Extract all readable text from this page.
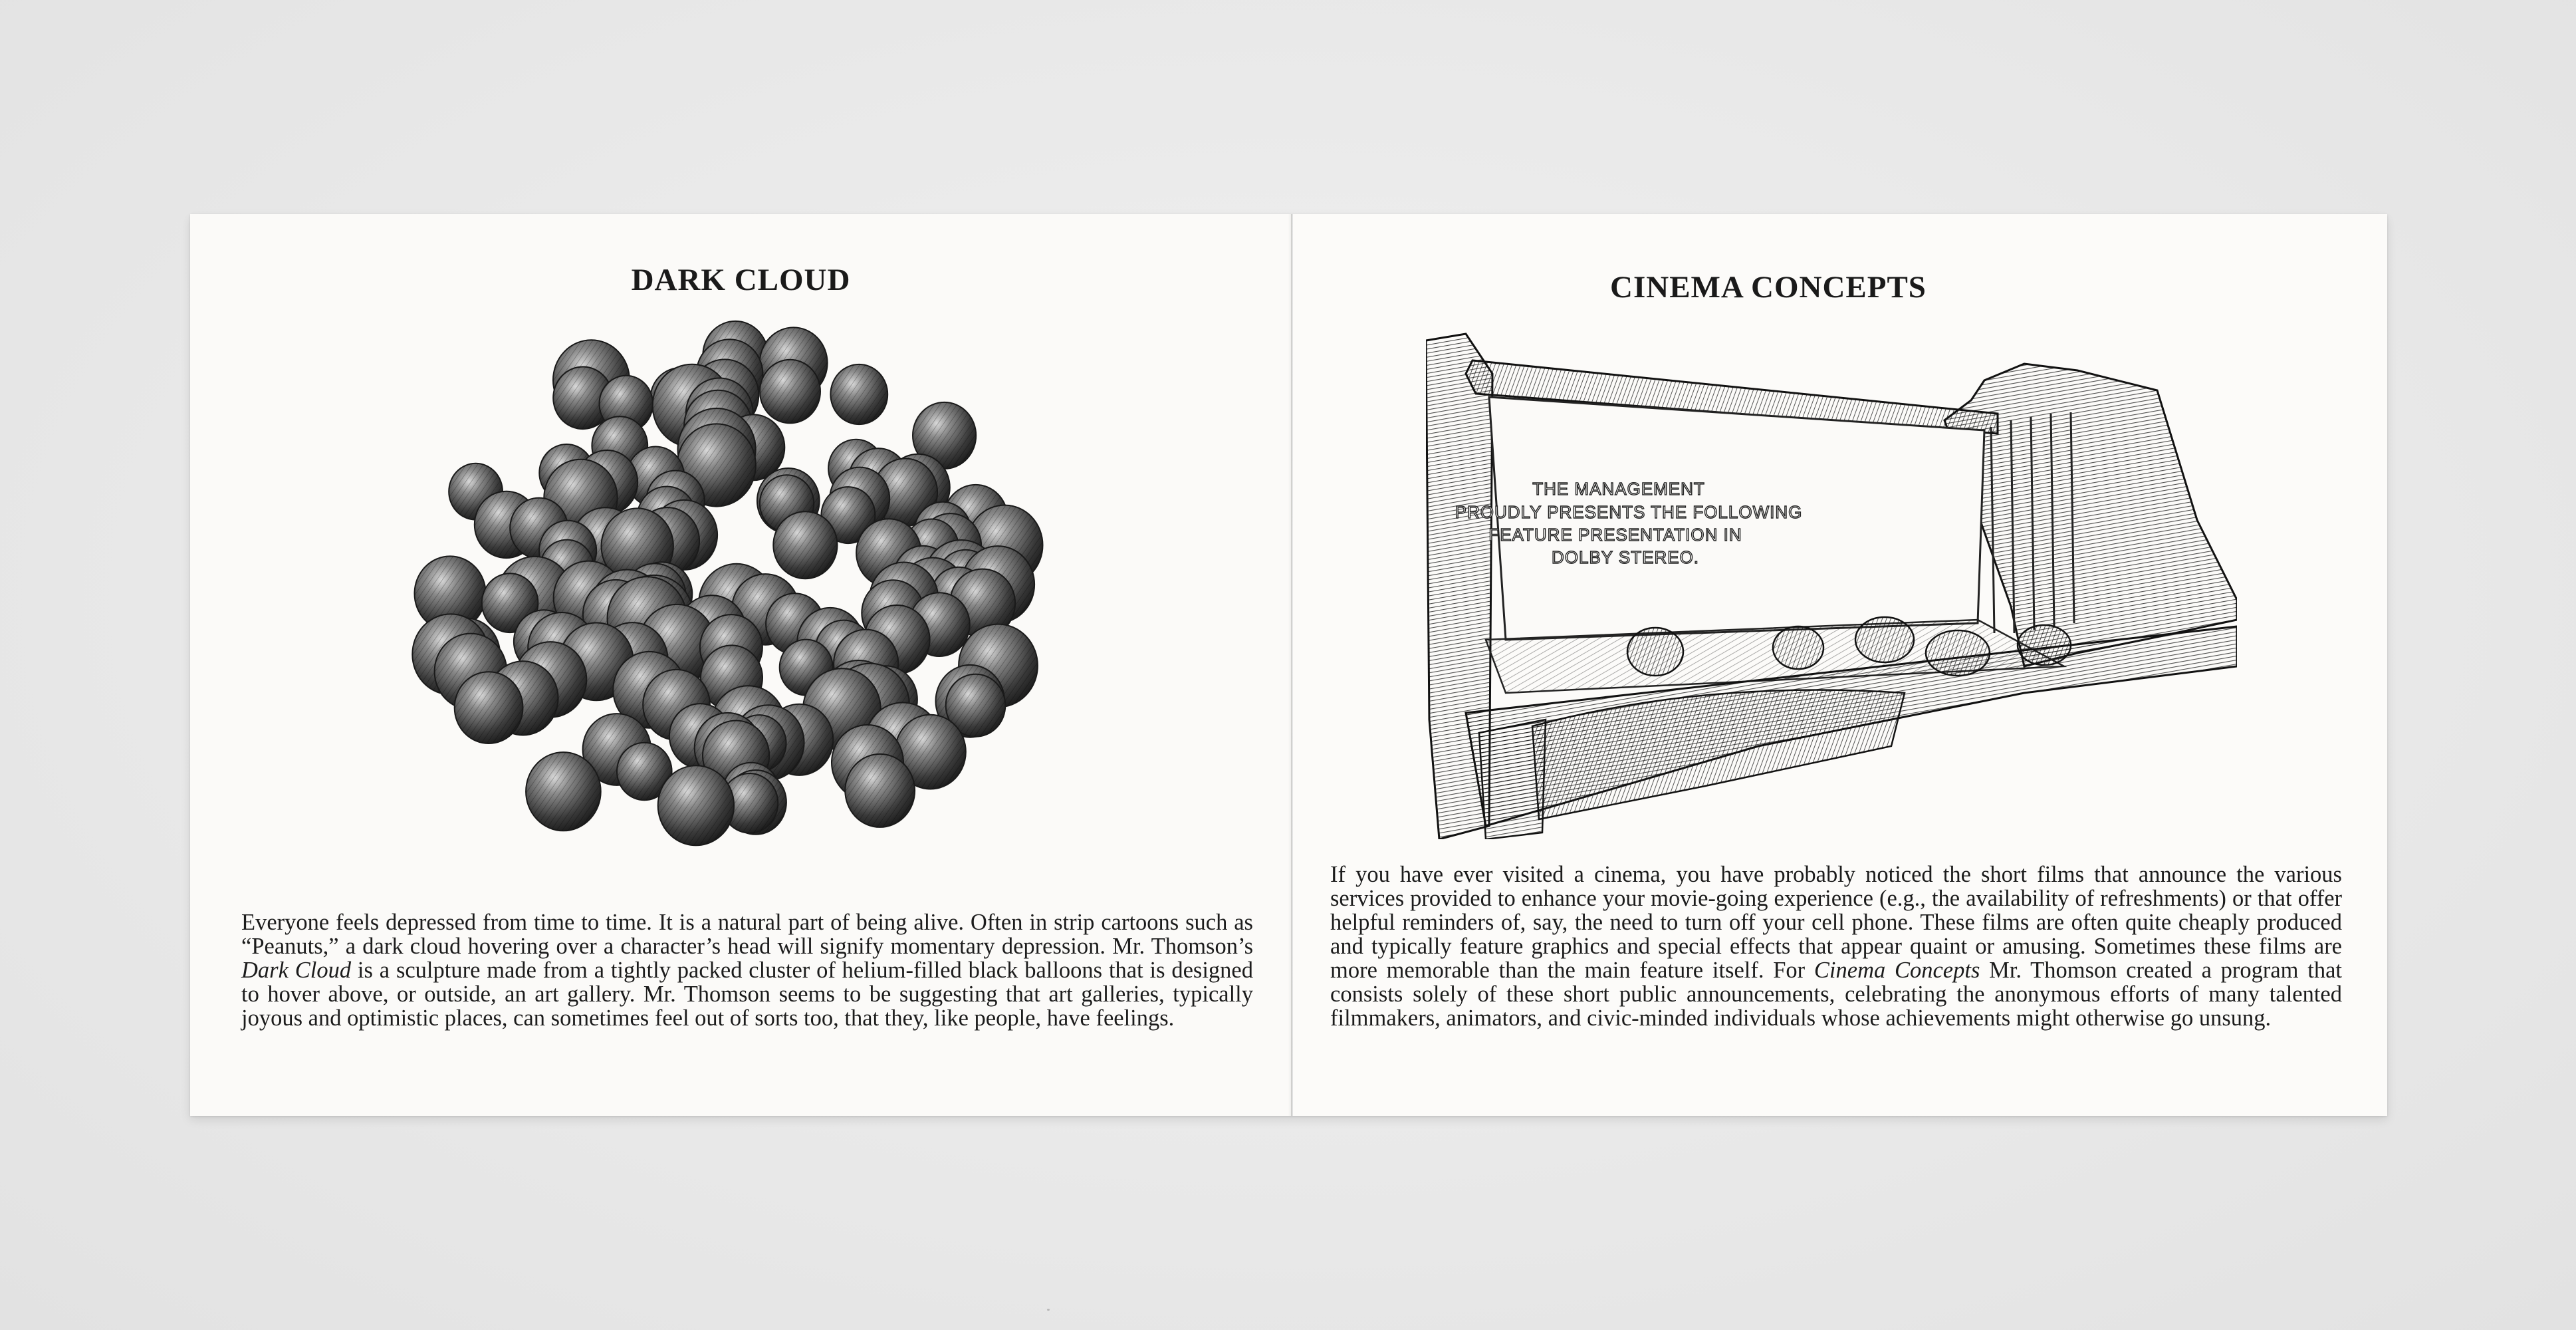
DARK CLOUD
Everyone feels depressed from time to time. It is a natural part of being alive. Often in strip cartoons such as “Peanuts,” a dark cloud hovering over a character’s head will signify momentary depression. Mr. Thomson’s Dark Cloud is a sculpture made from a tightly packed cluster of helium-filled black balloons that is designed to hover above, or outside, an art gallery. Mr. Thomson seems to be suggesting that art galleries, typically joyous and optimistic places, can sometimes feel out of sorts too, that they, like people, have feelings.
CINEMA CONCEPTS
THE MANAGEMENT
PROUDLY PRESENTS THE FOLLOWING
FEATURE PRESENTATION IN
DOLBY STEREO.
If you have ever visited a cinema, you have probably noticed the short films that announce the various services provided to enhance your movie-going experience (e.g., the availability of refreshments) or that offer helpful reminders of, say, the need to turn off your cell phone. These films are often quite cheaply produced and typically feature graphics and special effects that appear quaint or amusing. Sometimes these films are more memorable than the main feature itself. For Cinema Concepts Mr. Thomson created a program that consists solely of these short public announcements, celebrating the anonymous efforts of many talented filmmakers, animators, and civic-minded individuals whose achievements might otherwise go unsung.
